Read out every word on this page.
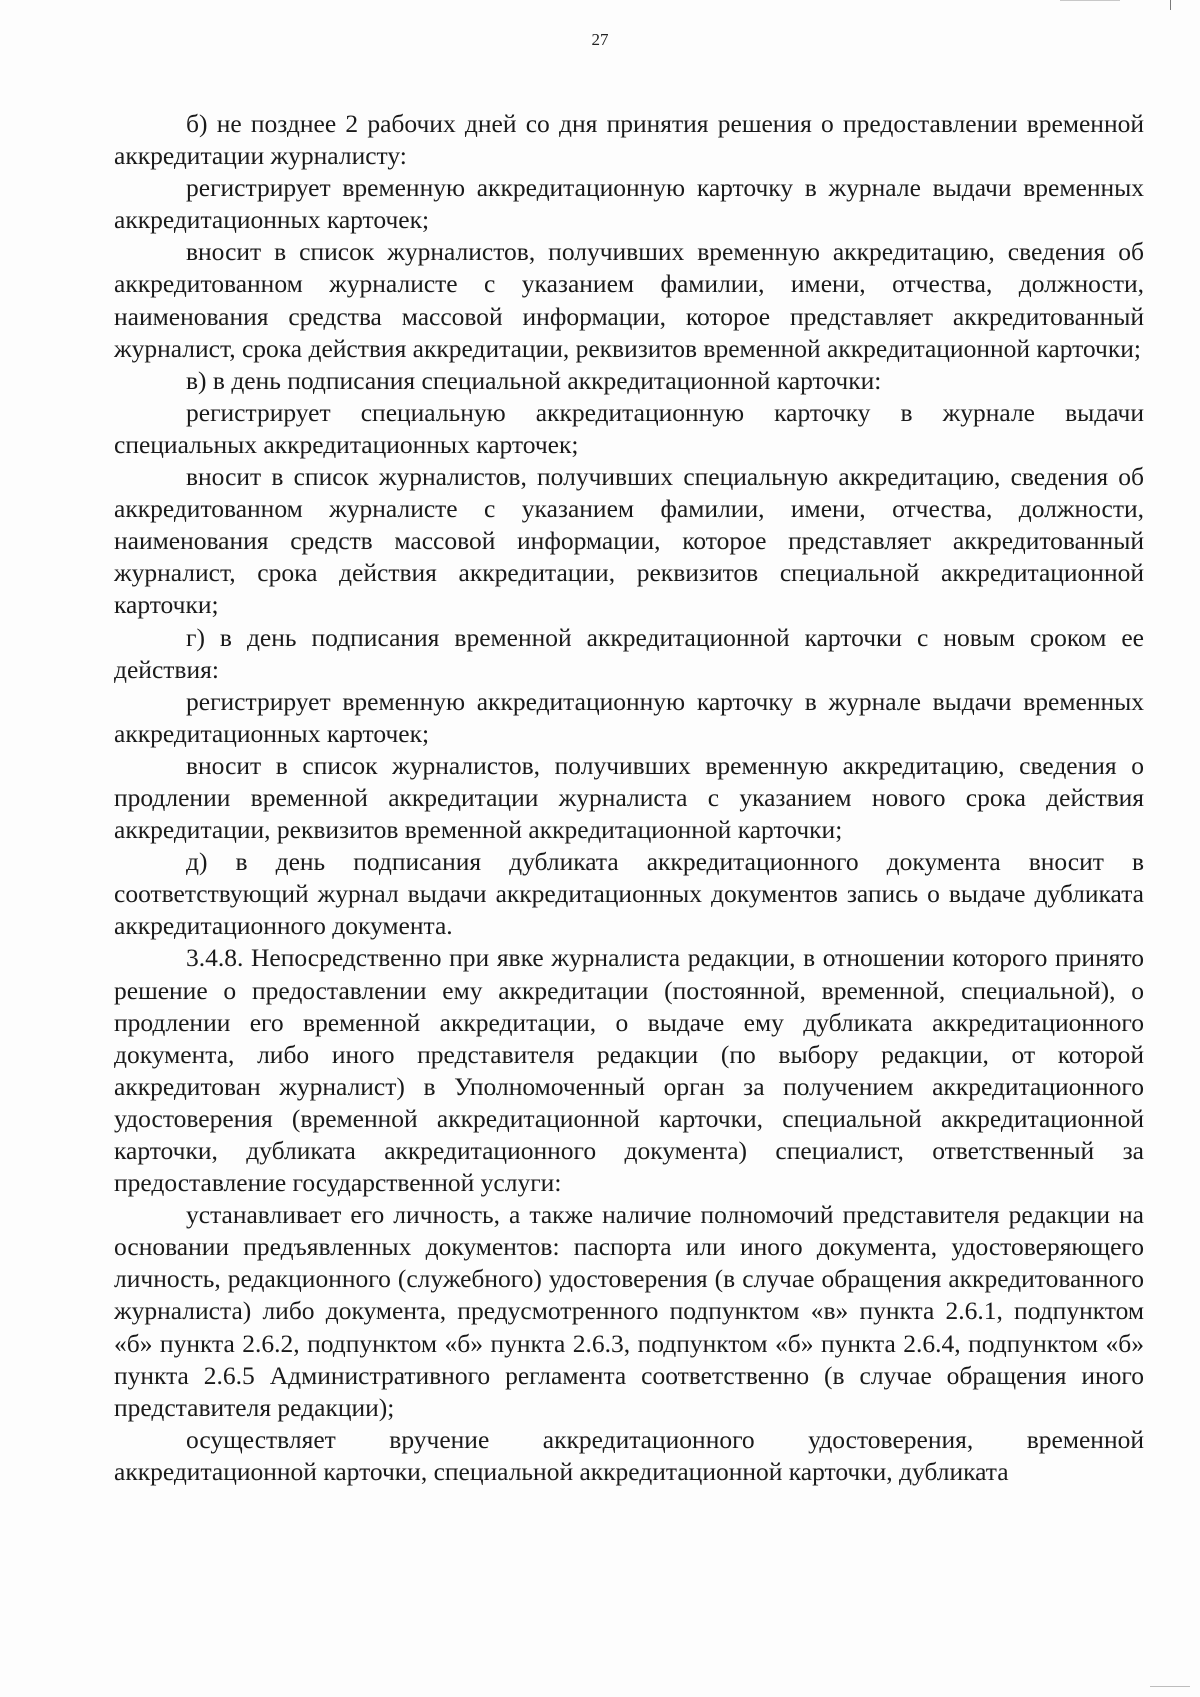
27

б) не позднее 2 рабочих дней со дня принятия решения о предоставлении временной аккредитации журналисту:

регистрирует временную аккредитационную карточку в журнале выдачи временных аккредитационных карточек;

вносит в список журналистов, получивших временную аккредитацию, сведения об аккредитованном журналисте с указанием фамилии, имени, отчества, должности, наименования средства массовой информации, которое представляет аккредитованный журналист, срока действия аккредитации, реквизитов временной аккредитационной карточки;

в) в день подписания специальной аккредитационной карточки:

регистрирует специальную аккредитационную карточку в журнале выдачи специальных аккредитационных карточек;

вносит в список журналистов, получивших специальную аккредитацию, сведения об аккредитованном журналисте с указанием фамилии, имени, отчества, должности, наименования средств массовой информации, которое представляет аккредитованный журналист, срока действия аккредитации, реквизитов специальной аккредитационной карточки;

г) в день подписания временной аккредитационной карточки с новым сроком ее действия:

регистрирует временную аккредитационную карточку в журнале выдачи временных аккредитационных карточек;

вносит в список журналистов, получивших временную аккредитацию, сведения о продлении временной аккредитации журналиста с указанием нового срока действия аккредитации, реквизитов временной аккредитационной карточки;

д) в день подписания дубликата аккредитационного документа вносит в соответствующий журнал выдачи аккредитационных документов запись о выдаче дубликата аккредитационного документа.

3.4.8. Непосредственно при явке журналиста редакции, в отношении которого принято решение о предоставлении ему аккредитации (постоянной, временной, специальной), о продлении его временной аккредитации, о выдаче ему дубликата аккредитационного документа, либо иного представителя редакции (по выбору редакции, от которой аккредитован журналист) в Уполномоченный орган за получением аккредитационного удостоверения (временной аккредитационной карточки, специальной аккредитационной карточки, дубликата аккредитационного документа) специалист, ответственный за предоставление государственной услуги:

устанавливает его личность, а также наличие полномочий представителя редакции на основании предъявленных документов: паспорта или иного документа, удостоверяющего личность, редакционного (служебного) удостоверения (в случае обращения аккредитованного журналиста) либо документа, предусмотренного подпунктом «в» пункта 2.6.1, подпунктом «б» пункта 2.6.2, подпунктом «б» пункта 2.6.3, подпунктом «б» пункта 2.6.4, подпунктом «б» пункта 2.6.5 Административного регламента соответственно (в случае обращения иного представителя редакции);

осуществляет вручение аккредитационного удостоверения, временной аккредитационной карточки, специальной аккредитационной карточки, дубликата
